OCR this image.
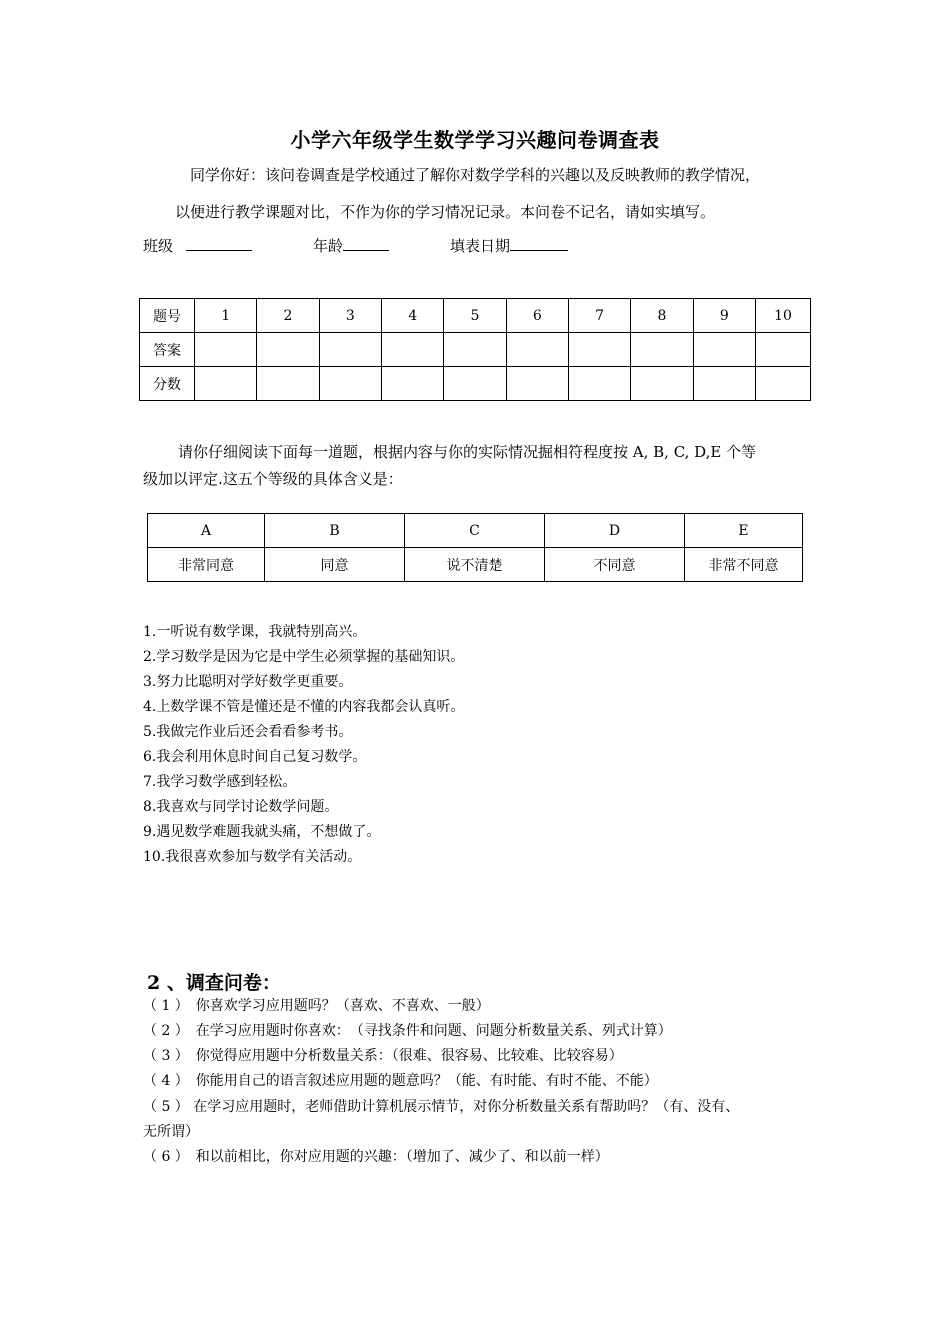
小学六年级学生数学学习兴趣问卷调查表
同学你好：该问卷调查是学校通过了解你对数学学科的兴趣以及反映教师的教学情况，
以便进行教学课题对比，不作为你的学习情况记录。本问卷不记名，请如实填写。
班级	年龄	填表日期
题号	1	2	3	4	5	6	7	8	9	10
答案										
分数										
请你仔细阅读下面每一道题，根据内容与你的实际情况掘相符程度按 A, B, C, D,E 个等
级加以评定.这五个等级的具体含义是：
A	B	C	D	E
非常同意	同意	说不清楚	不同意	非常不同意
1.一听说有数学课，我就特别高兴。
2.学习数学是因为它是中学生必须掌握的基础知识。
3.努力比聪明对学好数学更重要。
4.上数学课不管是懂还是不懂的内容我都会认真听。
5.我做完作业后还会看看参考书。
6.我会利用休息时间自己复习数学。
7.我学习数学感到轻松。
8.我喜欢与同学讨论数学问题。
9.遇见数学难题我就头痛，不想做了。
10.我很喜欢参加与数学有关活动。
2 、调查问卷：
（ 1 ）　你喜欢学习应用题吗？（喜欢、不喜欢、一般）
（ 2 ）　在学习应用题时你喜欢：　（寻找条件和问题、问题分析数量关系、列式计算）
（ 3 ）　你觉得应用题中分析数量关系：（很难、很容易、比较难、比较容易）
（ 4 ）　你能用自己的语言叙述应用题的题意吗？（能、有时能、有时不能、不能）
（ 5 ） 在学习应用题时，老师借助计算机展示情节，对你分析数量关系有帮助吗？（有、没有、
无所谓）
（ 6 ）　和以前相比，你对应用题的兴趣：（增加了、减少了、和以前一样）
